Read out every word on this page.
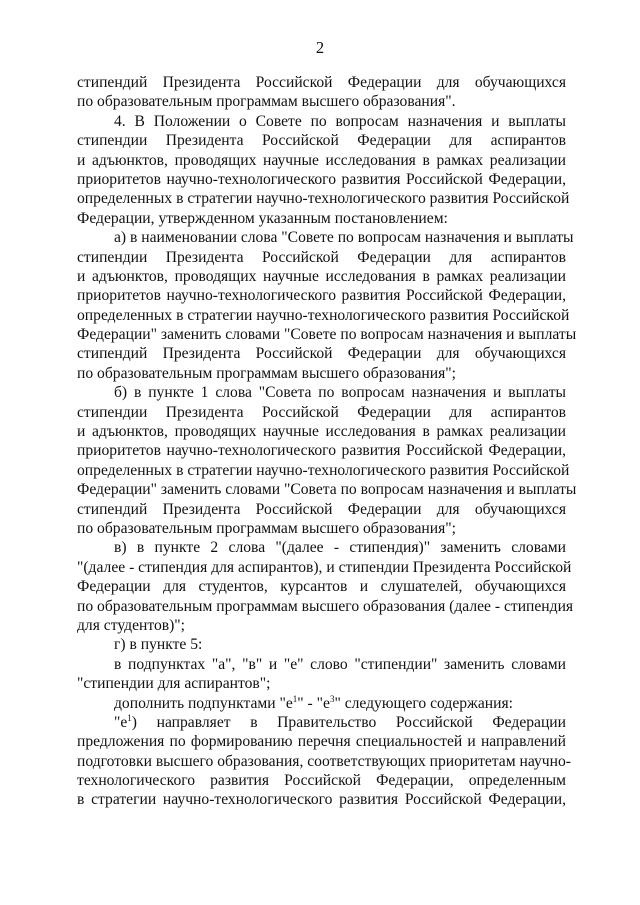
2
стипендий Президента Российской Федерации для обучающихся
по образовательным программам высшего образования".
4. В Положении о Совете по вопросам назначения и выплаты
стипендии Президента Российской Федерации для аспирантов
и адъюнктов, проводящих научные исследования в рамках реализации
приоритетов научно-технологического развития Российской Федерации,
определенных в стратегии научно-технологического развития Российской
Федерации, утвержденном указанным постановлением:
а) в наименовании слова "Совете по вопросам назначения и выплаты
стипендии Президента Российской Федерации для аспирантов
и адъюнктов, проводящих научные исследования в рамках реализации
приоритетов научно-технологического развития Российской Федерации,
определенных в стратегии научно-технологического развития Российской
Федерации" заменить словами "Совете по вопросам назначения и выплаты
стипендий Президента Российской Федерации для обучающихся
по образовательным программам высшего образования";
б) в пункте 1 слова "Совета по вопросам назначения и выплаты
стипендии Президента Российской Федерации для аспирантов
и адъюнктов, проводящих научные исследования в рамках реализации
приоритетов научно-технологического развития Российской Федерации,
определенных в стратегии научно-технологического развития Российской
Федерации" заменить словами "Совета по вопросам назначения и выплаты
стипендий Президента Российской Федерации для обучающихся
по образовательным программам высшего образования";
в) в пункте 2 слова "(далее - стипендия)" заменить словами
"(далее - стипендия для аспирантов), и стипендии Президента Российской
Федерации для студентов, курсантов и слушателей, обучающихся
по образовательным программам высшего образования (далее - стипендия
для студентов)";
г) в пункте 5:
в подпунктах "а", "в" и "е" слово "стипендии" заменить словами
"стипендии для аспирантов";
дополнить подпунктами "$е^1$" - "$е^3$" следующего содержания:
"$е^1$) направляет в Правительство Российской Федерации
предложения по формированию перечня специальностей и направлений
подготовки высшего образования, соответствующих приоритетам научно-
технологического развития Российской Федерации, определенным
в стратегии научно-технологического развития Российской Федерации,
